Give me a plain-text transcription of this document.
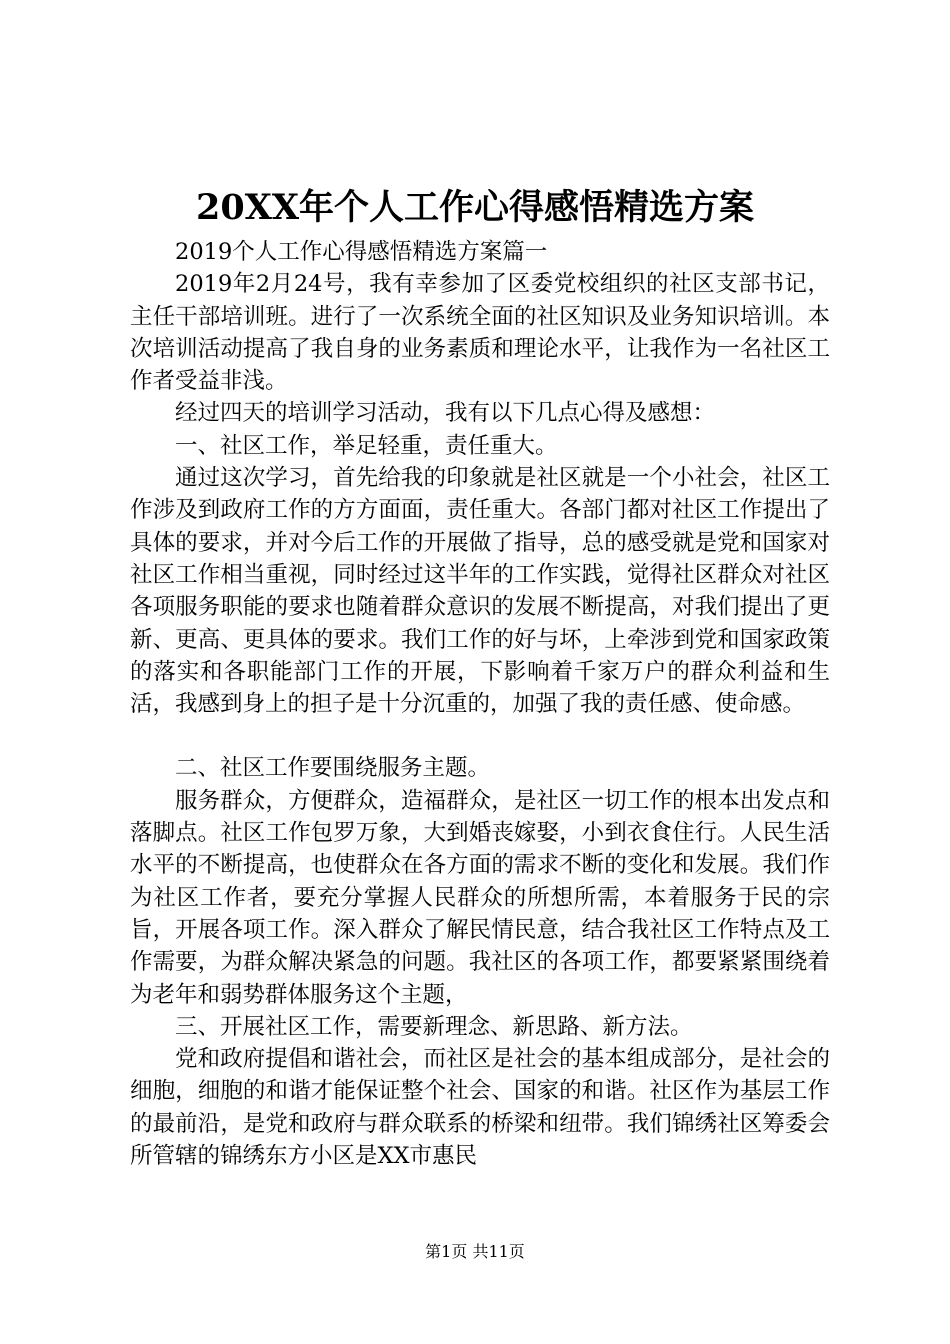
20XX年个人工作心得感悟精选方案

2019个人工作心得感悟精选方案篇一

2019年2月24号，我有幸参加了区委党校组织的社区支部书记，主任干部培训班。进行了一次系统全面的社区知识及业务知识培训。本次培训活动提高了我自身的业务素质和理论水平，让我作为一名社区工作者受益非浅。

经过四天的培训学习活动，我有以下几点心得及感想：

一、社区工作，举足轻重，责任重大。

通过这次学习，首先给我的印象就是社区就是一个小社会，社区工作涉及到政府工作的方方面面，责任重大。各部门都对社区工作提出了具体的要求，并对今后工作的开展做了指导，总的感受就是党和国家对社区工作相当重视，同时经过这半年的工作实践，觉得社区群众对社区各项服务职能的要求也随着群众意识的发展不断提高，对我们提出了更新、更高、更具体的要求。我们工作的好与坏，上牵涉到党和国家政策的落实和各职能部门工作的开展，下影响着千家万户的群众利益和生活，我感到身上的担子是十分沉重的，加强了我的责任感、使命感。

二、社区工作要围绕服务主题。

服务群众，方便群众，造福群众，是社区一切工作的根本出发点和落脚点。社区工作包罗万象，大到婚丧嫁娶，小到衣食住行。人民生活水平的不断提高，也使群众在各方面的需求不断的变化和发展。我们作为社区工作者，要充分掌握人民群众的所想所需，本着服务于民的宗旨，开展各项工作。深入群众了解民情民意，结合我社区工作特点及工作需要，为群众解决紧急的问题。我社区的各项工作，都要紧紧围绕着为老年和弱势群体服务这个主题，

三、开展社区工作，需要新理念、新思路、新方法。

党和政府提倡和谐社会，而社区是社会的基本组成部分，是社会的细胞，细胞的和谐才能保证整个社会、国家的和谐。社区作为基层工作的最前沿，是党和政府与群众联系的桥梁和纽带。我们锦绣社区筹委会所管辖的锦绣东方小区是XX市惠民

第1页 共11页
